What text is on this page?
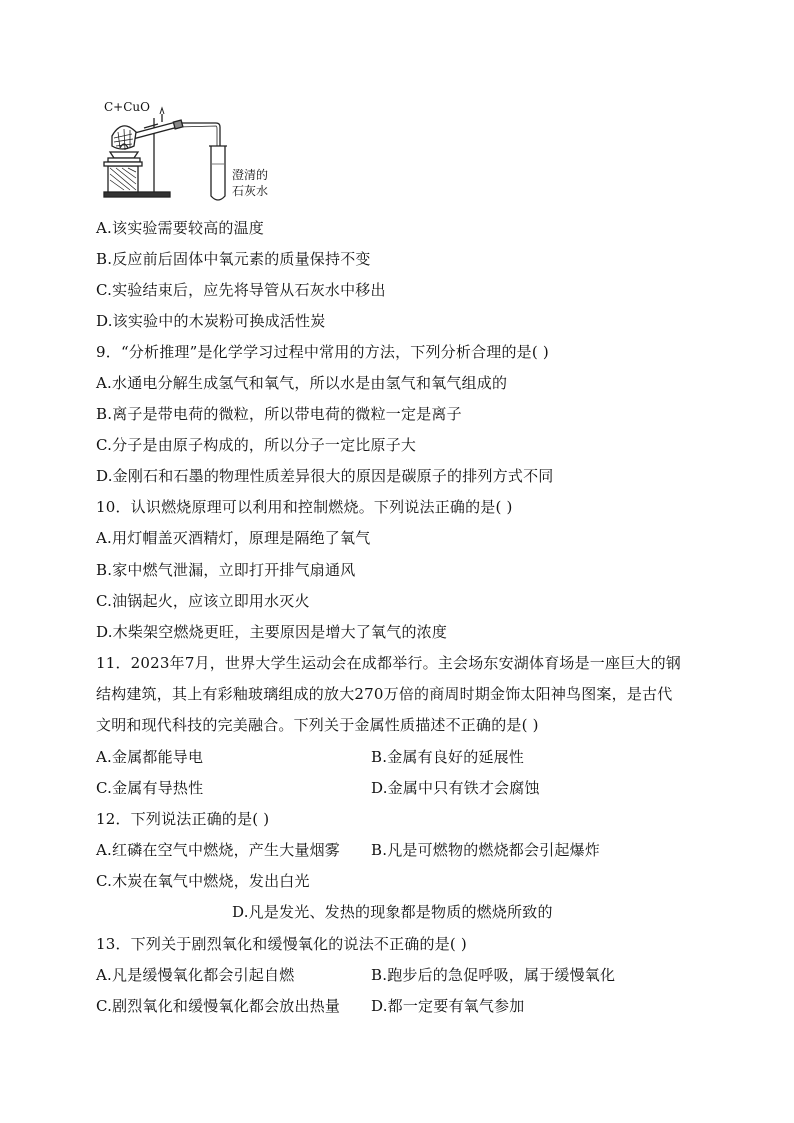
C+CuO
澄清的
石灰水
A.该实验需要较高的温度
B.反应前后固体中氧元素的质量保持不变
C.实验结束后，应先将导管从石灰水中移出
D.该实验中的木炭粉可换成活性炭
9．“分析推理”是化学学习过程中常用的方法，下列分析合理的是( )
A.水通电分解生成氢气和氧气，所以水是由氢气和氧气组成的
B.离子是带电荷的微粒，所以带电荷的微粒一定是离子
C.分子是由原子构成的，所以分子一定比原子大
D.金刚石和石墨的物理性质差异很大的原因是碳原子的排列方式不同
10．认识燃烧原理可以利用和控制燃烧。下列说法正确的是( )
A.用灯帽盖灭酒精灯，原理是隔绝了氧气
B.家中燃气泄漏，立即打开排气扇通风
C.油锅起火，应该立即用水灭火
D.木柴架空燃烧更旺，主要原因是增大了氧气的浓度
11．2023年7月，世界大学生运动会在成都举行。主会场东安湖体育场是一座巨大的钢
结构建筑，其上有彩釉玻璃组成的放大270万倍的商周时期金饰太阳神鸟图案，是古代
文明和现代科技的完美融合。下列关于金属性质描述不正确的是( )
A.金属都能导电	B.金属有良好的延展性
C.金属有导热性	D.金属中只有铁才会腐蚀
12．下列说法正确的是( )
A.红磷在空气中燃烧，产生大量烟雾 B.凡是可燃物的燃烧都会引起爆炸
C.木炭在氧气中燃烧，发出白光
D.凡是发光、发热的现象都是物质的燃烧所致的
13．下列关于剧烈氧化和缓慢氧化的说法不正确的是( )
A.凡是缓慢氧化都会引起自燃	B.跑步后的急促呼吸，属于缓慢氧化
C.剧烈氧化和缓慢氧化都会放出热量 D.都一定要有氧气参加
